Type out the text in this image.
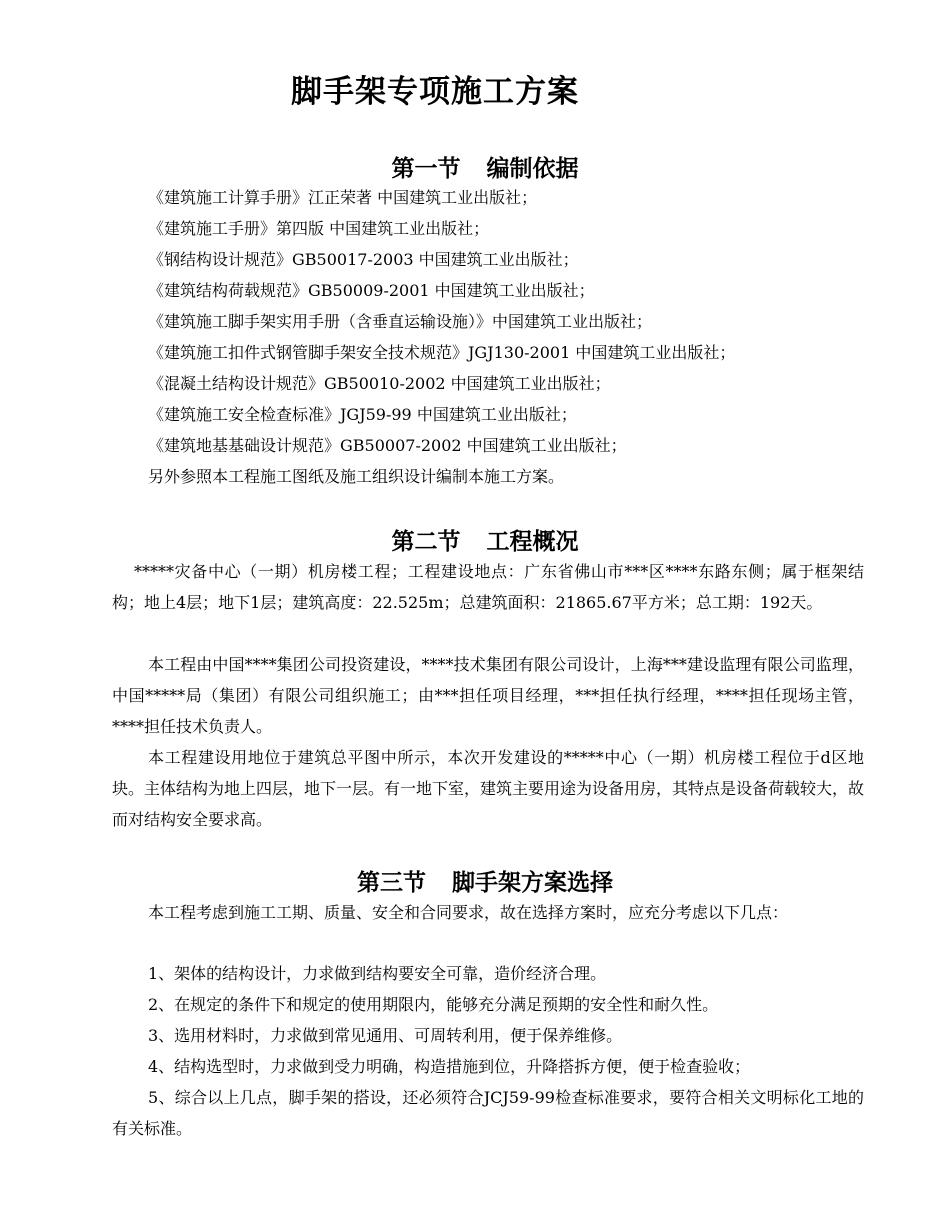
脚手架专项施工方案
第一节 编制依据

《建筑施工计算手册》江正荣著 中国建筑工业出版社；

《建筑施工手册》第四版 中国建筑工业出版社；

《钢结构设计规范》GB50017-2003 中国建筑工业出版社；

《建筑结构荷载规范》GB50009-2001 中国建筑工业出版社；

《建筑施工脚手架实用手册（含垂直运输设施）》中国建筑工业出版社；

《建筑施工扣件式钢管脚手架安全技术规范》JGJ130-2001 中国建筑工业出版社；

《混凝土结构设计规范》GB50010-2002 中国建筑工业出版社；

《建筑施工安全检查标准》JGJ59-99 中国建筑工业出版社；

《建筑地基基础设计规范》GB50007-2002 中国建筑工业出版社；

另外参照本工程施工图纸及施工组织设计编制本施工方案。

第二节 工程概况

*****灾备中心（一期）机房楼工程；工程建设地点：广东省佛山市***区****东路东侧；属于框架结构；地上4层；地下1层；建筑高度：22.525m；总建筑面积：21865.67平方米；总工期：192天。

本工程由中国****集团公司投资建设，****技术集团有限公司设计，上海***建设监理有限公司监理，中国*****局（集团）有限公司组织施工；由***担任项目经理，***担任执行经理，****担任现场主管，****担任技术负责人。

本工程建设用地位于建筑总平图中所示，本次开发建设的*****中心（一期）机房楼工程位于d区地块。主体结构为地上四层，地下一层。有一地下室，建筑主要用途为设备用房，其特点是设备荷载较大，故而对结构安全要求高。

第三节 脚手架方案选择

本工程考虑到施工工期、质量、安全和合同要求，故在选择方案时，应充分考虑以下几点：

1、架体的结构设计，力求做到结构要安全可靠，造价经济合理。

2、在规定的条件下和规定的使用期限内，能够充分满足预期的安全性和耐久性。

3、选用材料时，力求做到常见通用、可周转利用，便于保养维修。

4、结构选型时，力求做到受力明确，构造措施到位，升降搭拆方便，便于检查验收；

5、综合以上几点，脚手架的搭设，还必须符合JCJ59-99检查标准要求，要符合相关文明标化工地的有关标准。
